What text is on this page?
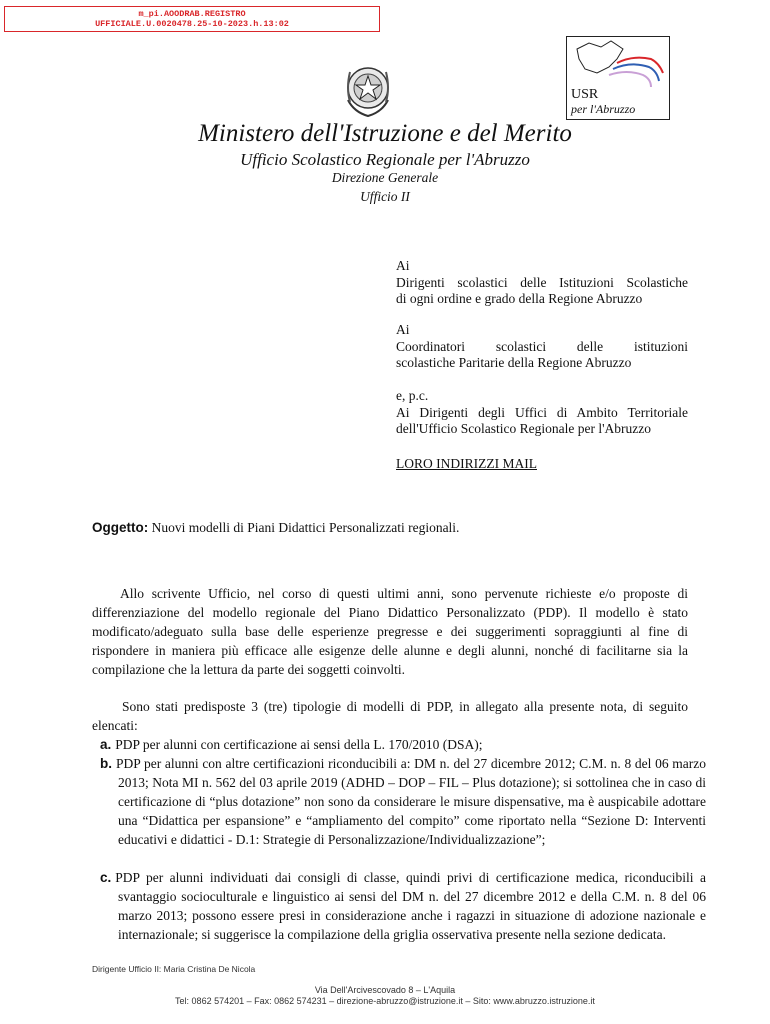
m_pi.AOODRAB.REGISTRO
UFFICIALE.U.0020478.25-10-2023.h.13:02
USR
per l'Abruzzo
Ministero dell'Istruzione e del Merito
Ufficio Scolastico Regionale per l'Abruzzo
Direzione Generale
Ufficio II
Ai
Dirigenti scolastici delle Istituzioni Scolastiche
di ogni ordine e grado della Regione Abruzzo
Ai
Coordinatori scolastici delle istituzioni
scolastiche Paritarie della Regione Abruzzo
e, p.c.
Ai Dirigenti degli Uffici di Ambito Territoriale
dell'Ufficio Scolastico Regionale per l'Abruzzo
LORO INDIRIZZI MAIL
Oggetto: Nuovi modelli di Piani Didattici Personalizzati regionali.
Allo scrivente Ufficio, nel corso di questi ultimi anni, sono pervenute richieste e/o proposte di differenziazione del modello regionale del Piano Didattico Personalizzato (PDP). Il modello è stato modificato/adeguato sulla base delle esperienze pregresse e dei suggerimenti sopraggiunti al fine di rispondere in maniera più efficace alle esigenze delle alunne e degli alunni, nonché di facilitarne sia la compilazione che la lettura da parte dei soggetti coinvolti.
Sono stati predisposte 3 (tre) tipologie di modelli di PDP, in allegato alla presente nota, di seguito elencati:
a. PDP per alunni con certificazione ai sensi della L. 170/2010 (DSA);
b. PDP per alunni con altre certificazioni riconducibili a: DM n. del 27 dicembre 2012; C.M. n. 8 del 06 marzo 2013; Nota MI n. 562 del 03 aprile 2019 (ADHD – DOP – FIL – Plus dotazione); si sottolinea che in caso di certificazione di “plus dotazione” non sono da considerare le misure dispensative, ma è auspicabile adottare una “Didattica per espansione” e “ampliamento del compito” come riportato nella “Sezione D: Interventi educativi e didattici - D.1: Strategie di Personalizzazione/Individualizzazione”;
c. PDP per alunni individuati dai consigli di classe, quindi privi di certificazione medica, riconducibili a svantaggio socioculturale e linguistico ai sensi del DM n. del 27 dicembre 2012 e della C.M. n. 8 del 06 marzo 2013; possono essere presi in considerazione anche i ragazzi in situazione di adozione nazionale e internazionale; si suggerisce la compilazione della griglia osservativa presente nella sezione dedicata.
Dirigente Ufficio II: Maria Cristina De Nicola
Via Dell'Arcivescovado 8 – L'Aquila
Tel: 0862 574201 – Fax: 0862 574231 – direzione-abruzzo@istruzione.it – Sito: www.abruzzo.istruzione.it
